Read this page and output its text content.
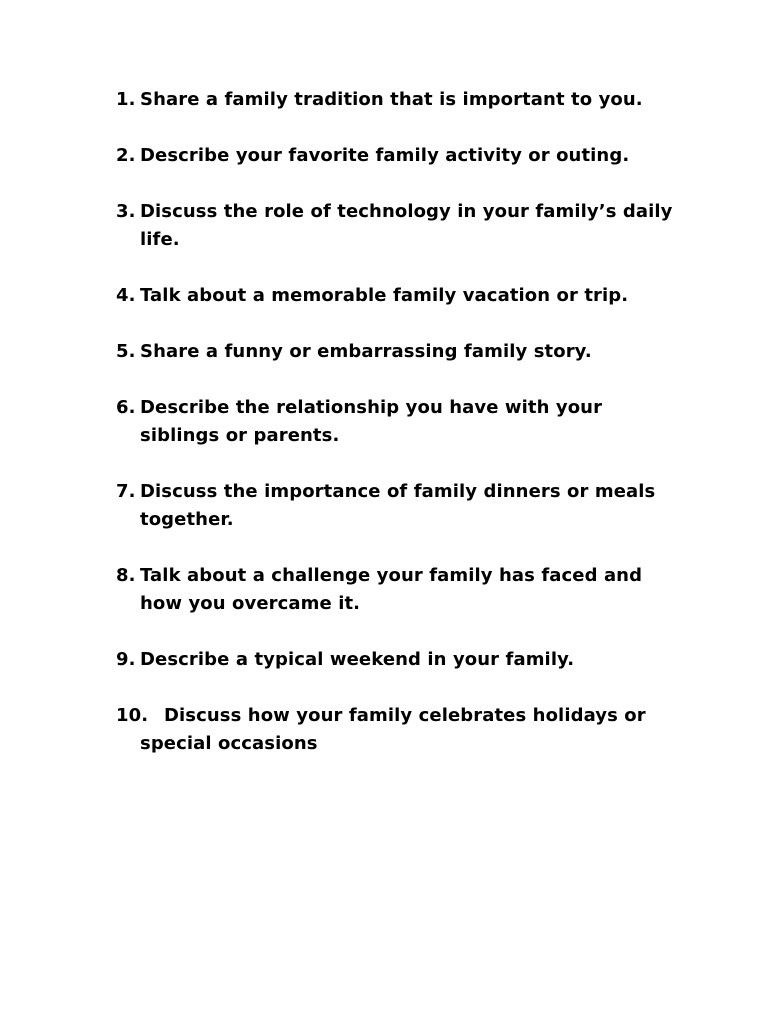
1. Share a family tradition that is important to you.
2. Describe your favorite family activity or outing.
3. Discuss the role of technology in your family’s daily life.
4. Talk about a memorable family vacation or trip.
5. Share a funny or embarrassing family story.
6. Describe the relationship you have with your siblings or parents.
7. Discuss the importance of family dinners or meals together.
8. Talk about a challenge your family has faced and how you overcame it.
9. Describe a typical weekend in your family.
10. Discuss how your family celebrates holidays or special occasions
